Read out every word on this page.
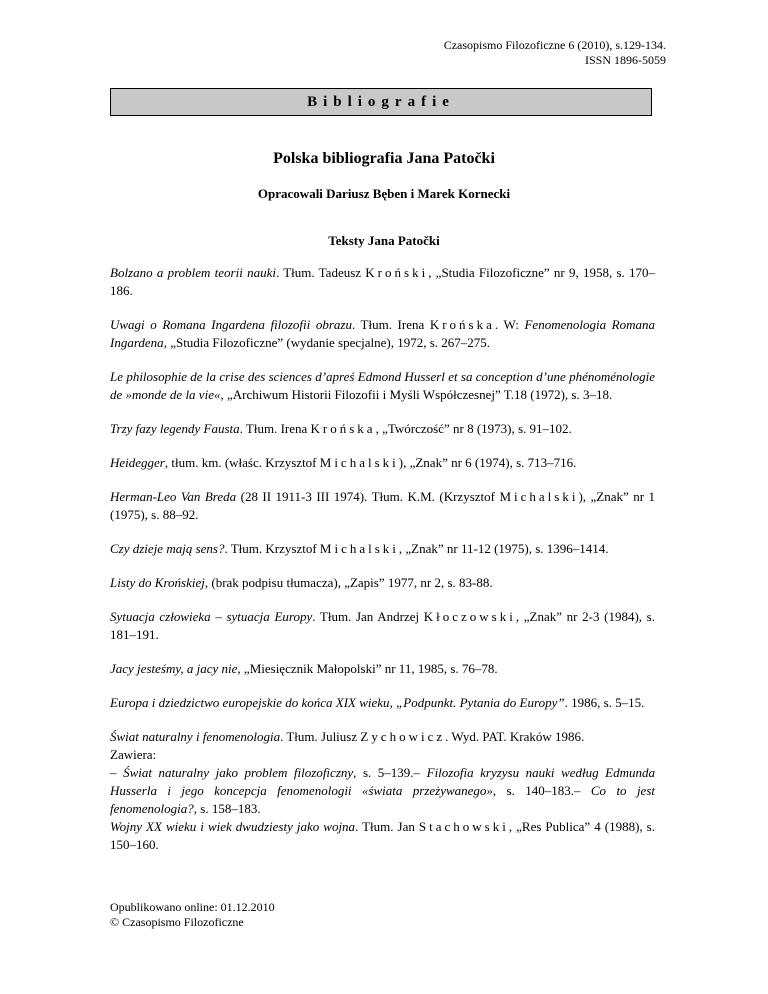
Czasopismo Filozoficzne 6 (2010), s.129-134.
ISSN 1896-5059
Bibliografie
Polska bibliografia Jana Patočki
Opracowali Dariusz Bęben i Marek Kornecki
Teksty Jana Patočki

Bolzano a problem teorii nauki. Tłum. Tadeusz Kroński, „Studia Filozoficzne” nr 9, 1958, s. 170–186.

Uwagi o Romana Ingardena filozofii obrazu. Tłum. Irena Krońska. W: Fenomenologia Romana Ingardena, „Studia Filozoficzne” (wydanie specjalne), 1972, s. 267–275.

Le philosophie de la crise des sciences d’apreś Edmond Husserl et sa conception d’une phénoménologie de »monde de la vie«, „Archiwum Historii Filozofii i Myśli Współczesnej” T.18 (1972), s. 3–18.

Trzy fazy legendy Fausta. Tłum. Irena Krońska, „Twórczość” nr 8 (1973), s. 91–102.

Heidegger, tłum. km. (właśc. Krzysztof Michalski), „Znak” nr 6 (1974), s. 713–716.

Herman-Leo Van Breda (28 II 1911-3 III 1974). Tłum. K.M. (Krzysztof Michalski), „Znak” nr 1 (1975), s. 88–92.

Czy dzieje mają sens?. Tłum. Krzysztof Michalski, „Znak” nr 11-12 (1975), s. 1396–1414.

Listy do Krońskiej, (brak podpisu tłumacza), „Zapis” 1977, nr 2, s. 83-88.

Sytuacja człowieka – sytuacja Europy. Tłum. Jan Andrzej Kłoczowski, „Znak” nr 2-3 (1984), s. 181–191.

Jacy jesteśmy, a jacy nie, „Miesięcznik Małopolski” nr 11, 1985, s. 76–78.

Europa i dziedzictwo europejskie do końca XIX wieku, „Podpunkt. Pytania do Europy”. 1986, s. 5–15.

Świat naturalny i fenomenologia. Tłum. Juliusz Zychowicz. Wyd. PAT. Kraków 1986.
Zawiera:
– Świat naturalny jako problem filozoficzny, s. 5–139.– Filozofia kryzysu nauki według Edmunda Husserla i jego koncepcja fenomenologii «świata przeżywanego», s. 140–183.– Co to jest fenomenologia?, s. 158–183.

Wojny XX wieku i wiek dwudziesty jako wojna. Tłum. Jan Stachowski, „Res Publica” 4 (1988), s. 150–160.

Opublikowano online: 01.12.2010
© Czasopismo Filozoficzne
